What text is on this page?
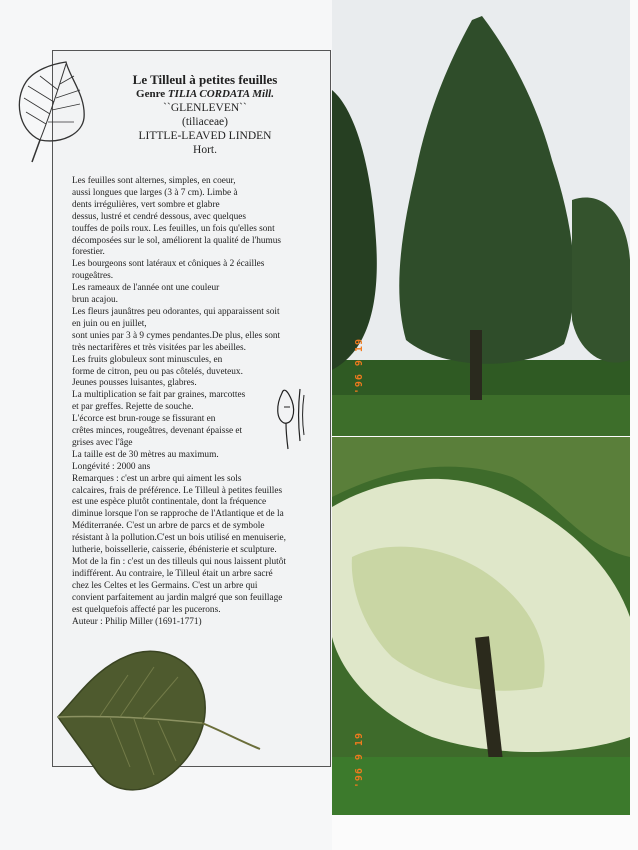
Le Tilleul à petites feuilles
Genre TILIA CORDATA Mill.
``GLENLEVEN``
(tiliaceae)
LITTLE-LEAVED LINDEN
Hort.

Les feuilles sont alternes, simples, en coeur,

aussi longues que larges (3 à 7 cm). Limbe à

dents irrégulières, vert sombre et glabre

dessus, lustré et cendré dessous, avec quelques

touffes de poils roux. Les feuilles, un fois qu'elles sont

décomposées sur le sol, améliorent la qualité de l'humus

forestier.

Les bourgeons sont latéraux et côniques à 2 écailles

rougeâtres.

Les rameaux de l'année ont une couleur

brun acajou.

Les fleurs jaunâtres peu odorantes, qui apparaissent soit

en juin ou en juillet,

sont unies par 3 à 9 cymes pendantes.De plus, elles sont

très nectarifères et très visitées par les abeilles.

Les fruits globuleux sont minuscules, en

forme de citron, peu ou pas côtelés, duveteux.

Jeunes pousses luisantes, glabres.

La multiplication se fait par graines, marcottes

et par greffes. Rejette de souche.

L'écorce est brun-rouge se fissurant en

crêtes minces, rougeâtres, devenant épaisse et

grises avec l'âge

La taille est de 30 mètres au maximum.

Longévité : 2000 ans

Remarques : c'est un arbre qui aiment les sols

calcaires, frais de préférence. Le Tilleul à petites feuilles

est une espèce plutôt continentale, dont la fréquence

diminue lorsque l'on se rapproche de l'Atlantique et de la

Méditerranée. C'est un arbre de parcs et de symbole

résistant à la pollution.C'est un bois utilisé en menuiserie,

lutherie, boissellerie, caisserie, ébénisterie et sculpture.

Mot de la fin : c'est un des tilleuls qui nous laissent plutôt

indifférent. Au contraire, le Tilleul était un arbre sacré

chez les Celtes et les Germains. C'est un arbre qui

convient parfaitement au jardin malgré que son feuillage

est quelquefois affecté par les pucerons.

Auteur : Philip Miller (1691-1771)

'96 9 19
'96 9 19
